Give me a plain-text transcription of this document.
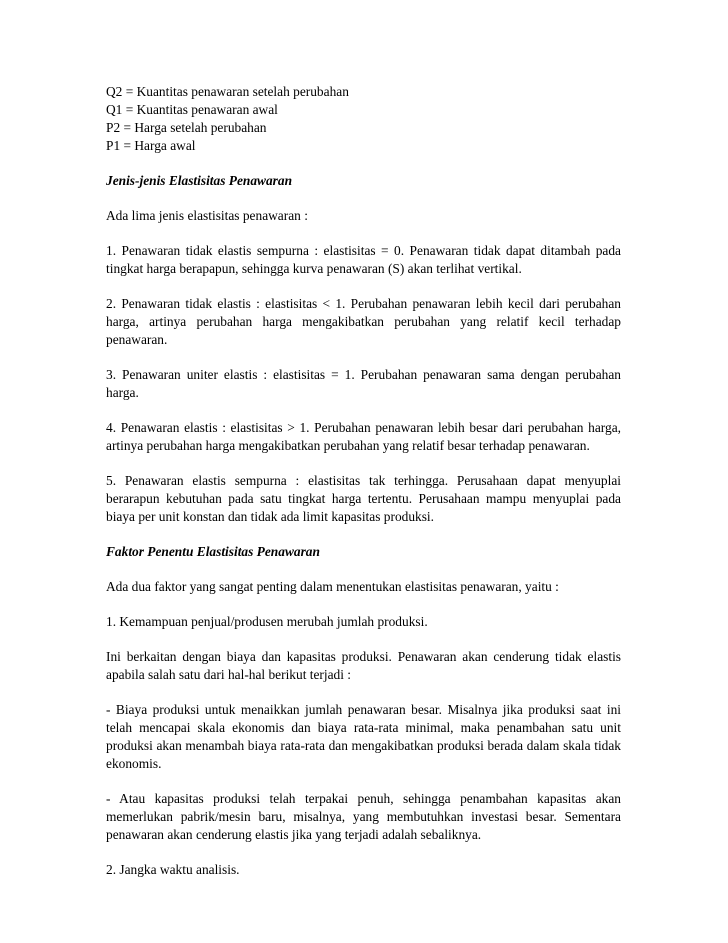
Q2 = Kuantitas penawaran setelah perubahan

Q1 = Kuantitas penawaran awal

P2 = Harga setelah perubahan

P1 = Harga awal

Jenis-jenis Elastisitas Penawaran

Ada lima jenis elastisitas penawaran :

1. Penawaran tidak elastis sempurna : elastisitas = 0. Penawaran tidak dapat ditambah pada tingkat harga berapapun, sehingga kurva penawaran (S) akan terlihat vertikal.

2. Penawaran tidak elastis : elastisitas < 1. Perubahan penawaran lebih kecil dari perubahan harga, artinya perubahan harga mengakibatkan perubahan yang relatif kecil terhadap penawaran.

3. Penawaran uniter elastis : elastisitas = 1. Perubahan penawaran sama dengan perubahan harga.

4. Penawaran elastis : elastisitas > 1. Perubahan penawaran lebih besar dari perubahan harga, artinya perubahan harga mengakibatkan perubahan yang relatif besar terhadap penawaran.

5. Penawaran elastis sempurna : elastisitas tak terhingga. Perusahaan dapat menyuplai berarapun kebutuhan pada satu tingkat harga tertentu. Perusahaan mampu menyuplai pada biaya per unit konstan dan tidak ada limit kapasitas produksi.

Faktor Penentu Elastisitas Penawaran

Ada dua faktor yang sangat penting dalam menentukan elastisitas penawaran, yaitu :

1. Kemampuan penjual/produsen merubah jumlah produksi.

Ini berkaitan dengan biaya dan kapasitas produksi. Penawaran akan cenderung tidak elastis apabila salah satu dari hal-hal berikut terjadi :

- Biaya produksi untuk menaikkan jumlah penawaran besar. Misalnya jika produksi saat ini telah mencapai skala ekonomis dan biaya rata-rata minimal, maka penambahan satu unit produksi akan menambah biaya rata-rata dan mengakibatkan produksi berada dalam skala tidak ekonomis.

- Atau kapasitas produksi telah terpakai penuh, sehingga penambahan kapasitas akan memerlukan pabrik/mesin baru, misalnya, yang membutuhkan investasi besar. Sementara penawaran akan cenderung elastis jika yang terjadi adalah sebaliknya.

2. Jangka waktu analisis.
